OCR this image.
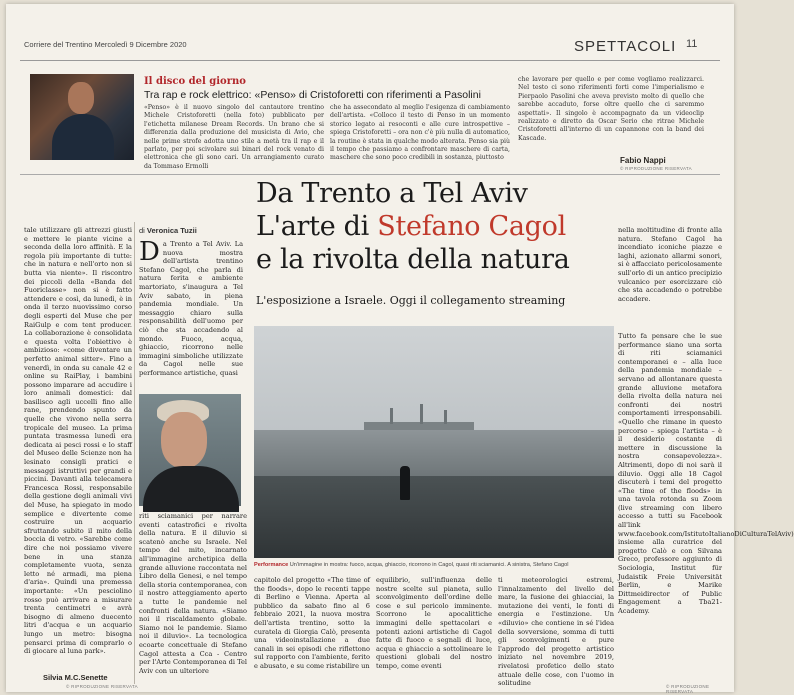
Corriere del Trentino Mercoledì 9 Dicembre 2020	SPETTACOLI 11
Il disco del giorno
Tra rap e rock elettrico: «Penso» di Cristoforetti con riferimenti a Pasolini
«Penso» è il nuovo singolo del cantautore trentino Michele Cristoforetti (nella foto) pubblicato per l'etichetta milanese Dream Records. Un brano che si differenzia dalla produzione del musicista di Avio, che nelle prime strofe adotta uno stile a metà tra il rap e il parlato, per poi scivolare sui binari del rock venato di elettronica che gli sono cari. Un arrangiamento curato da Tommaso Ermolli
che ha assecondato al meglio l'esigenza di cambiamento dell'artista. «Colloco il testo di Penso in un momento storico legato ai resoconti e alle cure introspettive – spiega Cristoforetti – ora non c'è più nulla di automatico, la routine è stata in qualche modo alterata. Penso sia più il tempo che passiamo a confrontare maschere di carta, maschere che sono poco credibili in sostanza, piuttosto
che lavorare per quello e per come vogliamo realizzarci. Nel testo ci sono riferimenti forti come l'imperialismo e Pierpaolo Pasolini che aveva previsto molto di quello che sarebbe accaduto, forse oltre quello che ci saremmo aspettati». Il singolo è accompagnato da un videoclip realizzato e diretto da Oscar Serio che ritrae Michele Cristoforetti all'interno di un capannone con la band dei Kascade.
Fabio Nappi
© RIPRODUZIONE RISERVATA
Da Trento a Tel Aviv
L'arte di Stefano Cagol
e la rivolta della natura
L'esposizione a Israele. Oggi il collegamento streaming
tale utilizzare gli attrezzi giusti e mettere le piante vicine a seconda della loro affinità. E la regola più importante di tutte: che in natura e nell'orto non si butta via niente». Il riscontro dei piccoli della «Banda del Fuoriclasse» non si è fatto attendere e così, da lunedì, è in onda il terzo nuovissimo corso degli esperti del Muse che per RaiGulp e com tent producer. La collaborazione è consolidata e questa volta l'obiettivo è ambizioso: «come diventare un perfetto animal sitter». Fino a venerdì, in onda su canale 42 e online su RaiPlay, i bambini possono imparare ad accudire i loro animali domestici: dal basilisco agli uccelli fino alle rane, prendendo spunto da quelle che vivono nella serra tropicale del museo. La prima puntata trasmessa lunedì era dedicata ai pesci rossi e lo staff del Museo delle Scienze non ha lesinato consigli pratici e messaggi istruttivi per grandi e piccini. Davanti alla telecamera Francesca Rossi, responsabile della gestione degli animali vivi del Muse, ha spiegato in modo semplice e divertente come costruire un acquario sfruttando subito il mito della boccia di vetro. «Sarebbe come dire che noi possiamo vivere bene in una stanza completamente vuota, senza letto né armadi, ma piena d'aria». Quindi una premessa importante: «Un pesciolino rosso può arrivare a misurare trenta centimetri e avrà bisogno di almeno duecento litri d'acqua e un acquario lungo un metro: bisogna pensarci prima di comprarlo o di giocare al luna park».
Silvia M.C.Senette
© RIPRODUZIONE RISERVATA
di Veronica Tuzii
Da Trento a Tel Aviv. La nuova mostra dell'artista trentino Stefano Cagol, che parla di natura ferita e ambiente martoriato, s'inaugura a Tel Aviv sabato, in piena pandemia mondiale. Un messaggio chiaro sulla responsabilità dell'uomo per ciò che sta accadendo al mondo. Fuoco, acqua, ghiaccio, ricorrono nelle immagini simboliche utilizzate da Cagol nelle sue performance artistiche, quasi
riti sciamanici per narrare eventi catastrofici e rivolta della natura. E il diluvio si scatenò anche su Israele. Nel tempo del mito, incarnato all'immagine archetipica della grande alluvione raccontata nel Libro della Genesi, e nel tempo della storia contemporanea, con il nostro atteggiamento aperto a tutte le pandemie nel confronti della natura. «Siamo noi il riscaldamento globale. Siamo noi le pandemie. Siamo noi il diluvio». La tecnologica ecoarte concettuale di Stefano Cagol attesta a Cca - Centro per l'Arte Contemporanea di Tel Aviv con un ulteriore
Performance Un'immagine in mostra: fuoco, acqua, ghiaccio, ricorrono in Cagol, quasi riti sciamanici. A sinistra, Stefano Cagol
capitolo del progetto «The time of the floods», dopo le recenti tappe di Berlino e Vienna. Aperta al pubblico da sabato fino al 6 febbraio 2021, la nuova mostra dell'artista trentino, sotto la curatela di Giorgia Calò, presenta una videoinstallazione a due canali in sei episodi che riflettono sul rapporto con l'ambiente, ferito e abusato, e su come ristabilire un
equilibrio, sull'influenza delle nostre scelte sul pianeta, sullo sconvolgimento dell'ordine delle cose e sul pericolo imminente. Scorrono le apocalittiche immagini delle spettacolari e potenti azioni artistiche di Cagol fatte di fuoco e segnali di luce, acqua e ghiaccio a sottolineare le questioni globali del nostro tempo, come eventi
ti meteorologici estremi, l'innalzamento del livello del mare, la fusione dei ghiacciai, la mutazione dei venti, le fonti di energia e l'estinzione. Un «diluvio» che contiene in sé l'idea della sovversione, somma di tutti gli sconvolgimenti e pure l'approdo del progetto artistico iniziato nel novembre 2019, rivelatosi profetico dello stato attuale delle cose, con l'uomo in solitudine
nella moltitudine di fronte alla natura. Stefano Cagol ha incendiato iconiche piazze e laghi, azionato allarmi sonori, si è affacciato pericolosamente sull'orlo di un antico precipizio vulcanico per esorcizzare ciò che sta accadendo o potrebbe accadere.
Tutto fa pensare che le sue performance siano una sorta di riti sciamanici contemporanei e – alla luce della pandemia mondiale – servano ad allontanare questa grande alluvione metafora della rivolta della natura nei confronti dei nostri comportamenti irresponsabili. «Quello che rimane in questo percorso – spiega l'artista – è il desiderio costante di mettere in discussione la nostra consapevolezza». Altrimenti, dopo di noi sarà il diluvio. Oggi alle 18 Cagol discuterà i temi del progetto «The time of the floods» in una tavola rotonda su Zoom (live streaming con libero accesso a tutti su Facebook all'link www.facebook.com/IstitutoItalianoDiCulturaTelAviv) insieme alla curatrice del progetto Calò e con Silvana Greco, professore aggiunto di Sociologia, Institut für Judaistik Freie Universität Berlin, e Marike Dittmeidirector of Public Engagement a Tba21-Academy.
© RIPRODUZIONE RISERVATA
